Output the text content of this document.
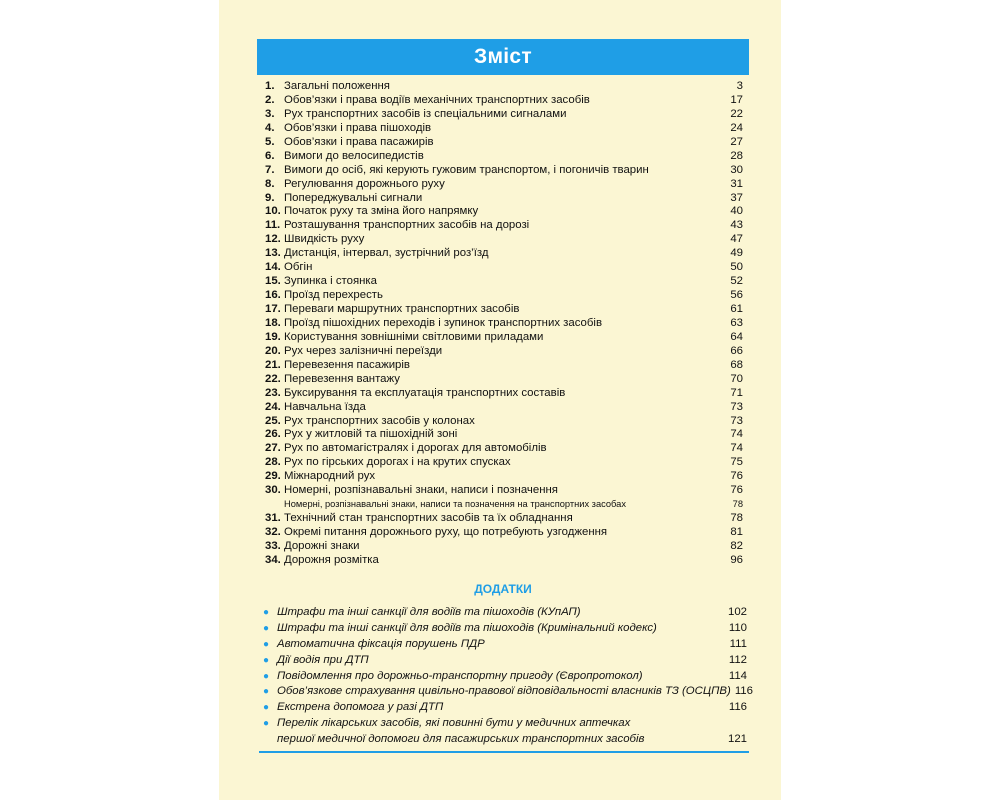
Зміст
1. Загальні положення	3
2. Обов’язки і права водіїв механічних транспортних засобів	17
3. Рух транспортних засобів із спеціальними сигналами	22
4. Обов’язки і права пішоходів	24
5. Обов’язки і права пасажирів	27
6. Вимоги до велосипедистів	28
7. Вимоги до осіб, які керують гужовим транспортом, і погоничів тварин	30
8. Регулювання дорожнього руху	31
9. Попереджувальні сигнали	37
10. Початок руху та зміна його напрямку	40
11. Розташування транспортних засобів на дорозі	43
12. Швидкість руху	47
13. Дистанція, інтервал, зустрічний роз’їзд	49
14. Обгін	50
15. Зупинка і стоянка	52
16. Проїзд перехресть	56
17. Переваги маршрутних транспортних засобів	61
18. Проїзд пішохідних переходів і зупинок транспортних засобів	63
19. Користування зовнішніми світловими приладами	64
20. Рух через залізничні переїзди	66
21. Перевезення пасажирів	68
22. Перевезення вантажу	70
23. Буксирування та експлуатація транспортних составів	71
24. Навчальна їзда	73
25. Рух транспортних засобів у колонах	73
26. Рух у житловій та пішохідній зоні	74
27. Рух по автомагістралях і дорогах для автомобілів	74
28. Рух по гірських дорогах і на крутих спусках	75
29. Міжнародний рух	76
30. Номерні, розпізнавальні знаки, написи і позначення	76
Номерні, розпізнавальні знаки, написи та позначення на транспортних засобах	78
31. Технічний стан транспортних засобів та їх обладнання	78
32. Окремі питання дорожнього руху, що потребують узгодження	81
33. Дорожні знаки	82
34. Дорожня розмітка	96
ДОДАТКИ
● Штрафи та інші санкції для водіїв та пішоходів (КУпАП)	102
● Штрафи та інші санкції для водіїв та пішоходів (Кримінальний кодекс)	110
● Автоматична фіксація порушень ПДР	111
● Дії водія при ДТП	112
● Повідомлення про дорожньо-транспортну пригоду (Європротокол)	114
● Обов’язкове страхування цивільно-правової відповідальності власників ТЗ (ОСЦПВ) 116
● Екстрена допомога у разі ДТП	116
● Перелік лікарських засобів, які повинні бути у медичних аптечках
першої медичної допомоги для пасажирських транспортних засобів	121
